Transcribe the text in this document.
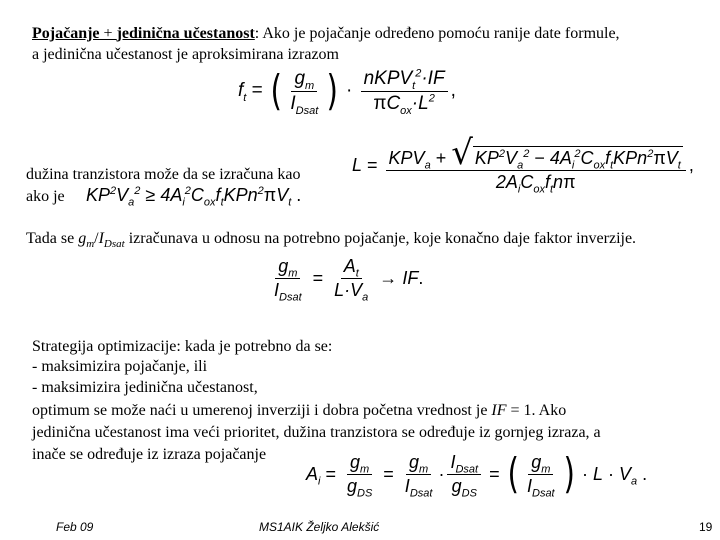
Pojačanje + jedinična učestanost: Ako je pojačanje određeno pomoću ranije date formule,
a jedinična učestanost je aproksimirana izrazom
$f_t$ = ( $\frac{g_m}{I_{Dsat}}$ ) · $\frac{nKPV_t^2\cdot IF}{\pi C_{ox}\cdot L^2}$ ,
dužina tranzistora može da se izračuna kao
ako je
$L = \frac{KPV_a + √ KP^2V_a^2 - 4A_i^2C_{ox}f_tKPn^2\pi V_t}{2A_iC_{ox}f_tn\pi}$ ,
$KP^2V_a^2 \ge 4A_i^2C_{ox}f_tKPn^2\pi V_t$ .
Tada se $g_m/I_{Dsat}$ izračunava u odnosu na potrebno pojačanje, koje konačno daje faktor inverzije.
$\frac{g_m}{I_{Dsat}} = \frac{A_t}{L\cdot V_a}$ → IF .
Strategija optimizacije: kada je potrebno da se:
- maksimizira pojačanje, ili
- maksimizira jedinična učestanost,
optimum se može naći u umerenoj inverziji i dobra početna vrednost je IF = 1. Ako
jedinična učestanost ima veći prioritet, dužina tranzistora se određuje iz gornjeg izraza, a
inače se određuje iz izraza pojačanje
$A_i = \frac{g_m}{g_{DS}} = \frac{g_m}{I_{Dsat}} \cdot \frac{I_{Dsat}}{g_{DS}}$ = ( $\frac{g_m}{I_{Dsat}}$ ) · $L \cdot V_a$ .
Feb 09	MS1AIK Željko Alekšić	19
